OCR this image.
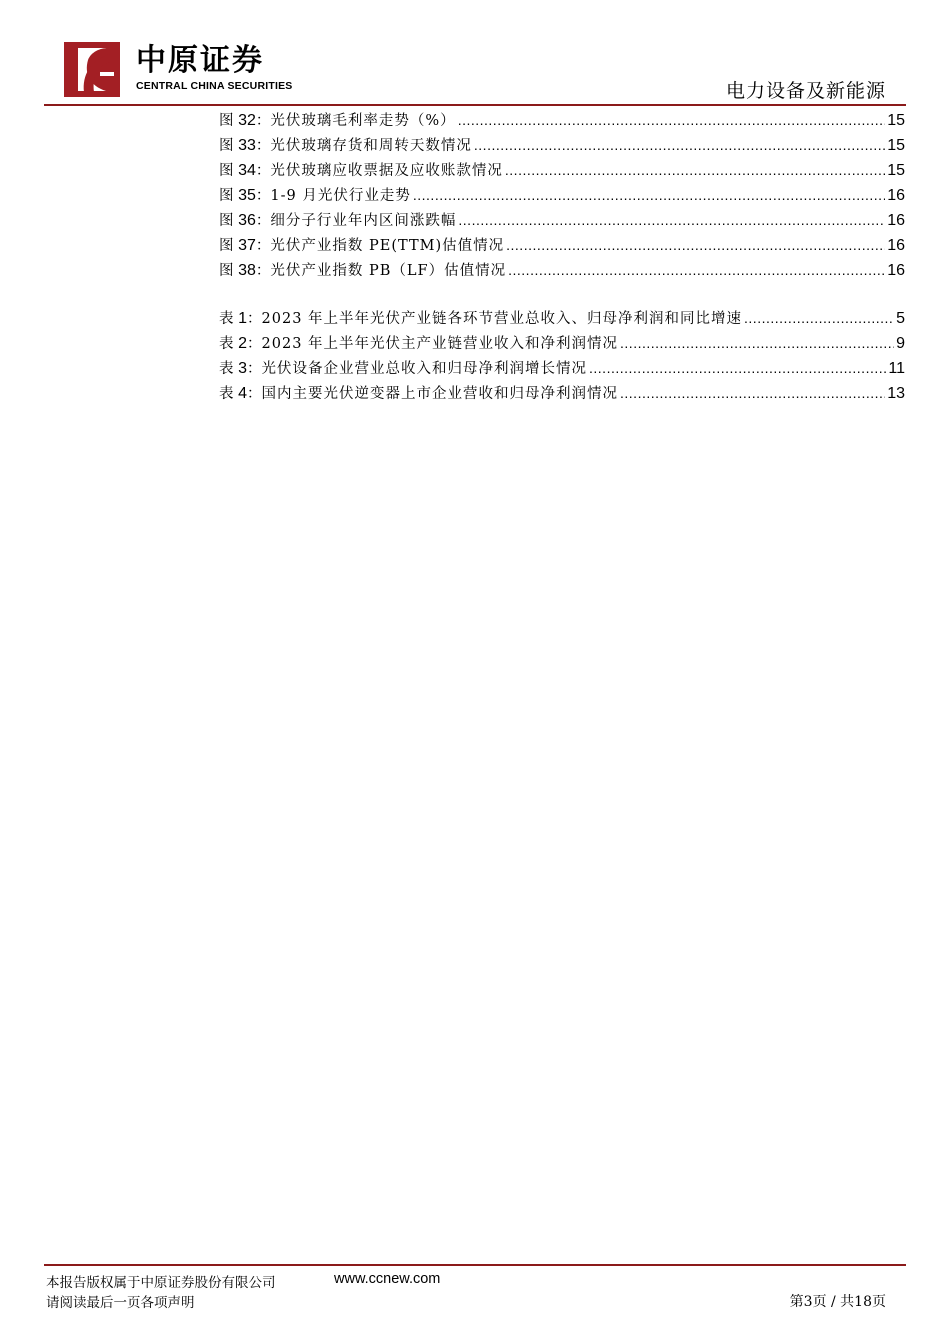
中原证券
CENTRAL CHINA SECURITIES	电力设备及新能源
图 32： 光伏玻璃毛利率走势（%） .....	15
图 33： 光伏玻璃存货和周转天数情况 .....	15
图 34： 光伏玻璃应收票据及应收账款情况 .....	15
图 35： 1-9 月光伏行业走势 .....	16
图 36： 细分子行业年内区间涨跌幅 .....	16
图 37： 光伏产业指数 PE(TTM)估值情况 .....	16
图 38： 光伏产业指数 PB（LF）估值情况 .....	16
表 1： 2023 年上半年光伏产业链各环节营业总收入、归母净利润和同比增速 .....	5
表 2： 2023 年上半年光伏主产业链营业收入和净利润情况 .....	9
表 3： 光伏设备企业营业总收入和归母净利润增长情况 .....	11
表 4： 国内主要光伏逆变器上市企业营收和归母净利润情况 .....	13
本报告版权属于中原证券股份有限公司	www.ccnew.com
请阅读最后一页各项声明	第3页 / 共18页
